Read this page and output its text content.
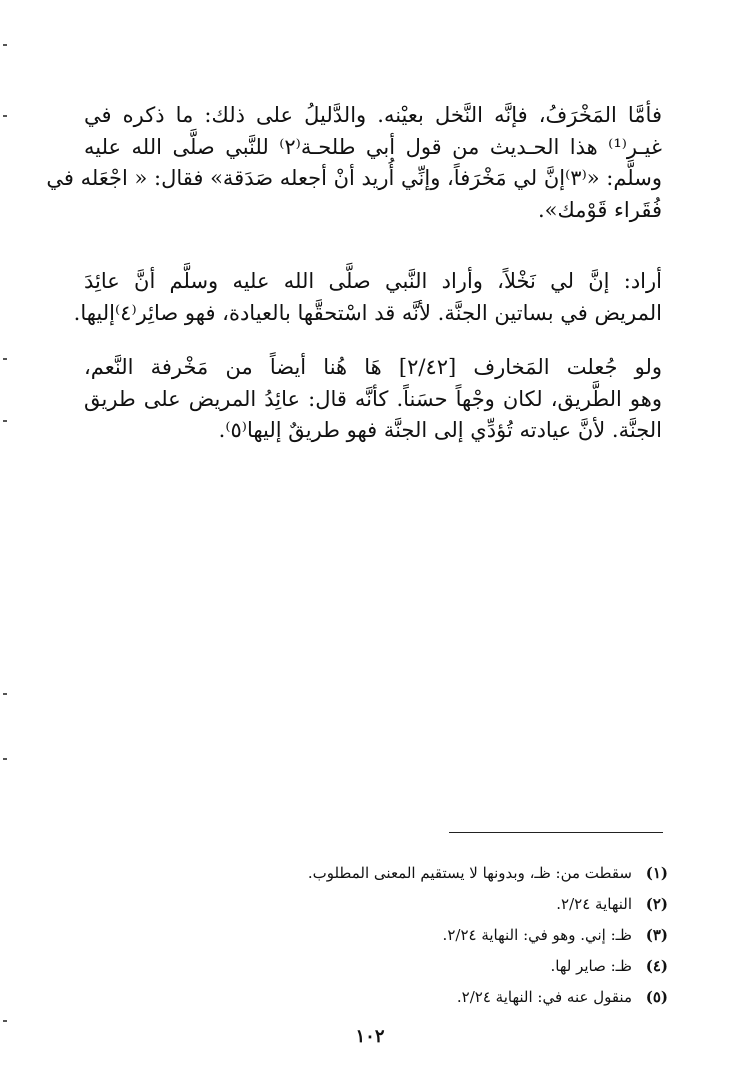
فأمَّا المَخْرَفُ، فإنَّه النَّخل بعيْنه. والدَّليلُ على ذلك: ما ذكره في
غيـر⁽¹⁾ هذا الحـديث من قول أبي طلحـة⁽٢⁾ للنَّبي صلَّى الله عليه
وسلَّم: «⁽٣⁾إنَّ لي مَخْرَفاً، وإنِّي أُريد أنْ أجعله صَدَقة» فقال: « اجْعَله في
فُقَراء قَوْمك».
أراد: إنَّ لي نَخْلاً، وأراد النَّبي صلَّى الله عليه وسلَّم أنَّ عائِدَ
المريض في بساتين الجنَّة. لأنَّه قد اسْتحقَّها بالعيادة، فهو صائِر⁽٤⁾إليها.
ولو جُعلت المَخارف [٢/٤٢] هَا هُنا أيضاً من مَخْرفة النَّعم،
وهو الطَّريق، لكان وجْهاً حسَناً. كأنَّه قال: عائِدُ المريض على طريق
الجنَّة. لأنَّ عيادته تُؤدِّي إلى الجنَّة فهو طريقٌ إليها⁽٥⁾.
(١)سقطت من: ظـ، وبدونها لا يستقيم المعنى المطلوب.
(٢)النهاية ٢/٢٤.
(٣)ظـ: إني. وهو في: النهاية ٢/٢٤.
(٤)ظـ: صاير لها.
(٥)منقول عنه في: النهاية ٢/٢٤.
١٠٢
